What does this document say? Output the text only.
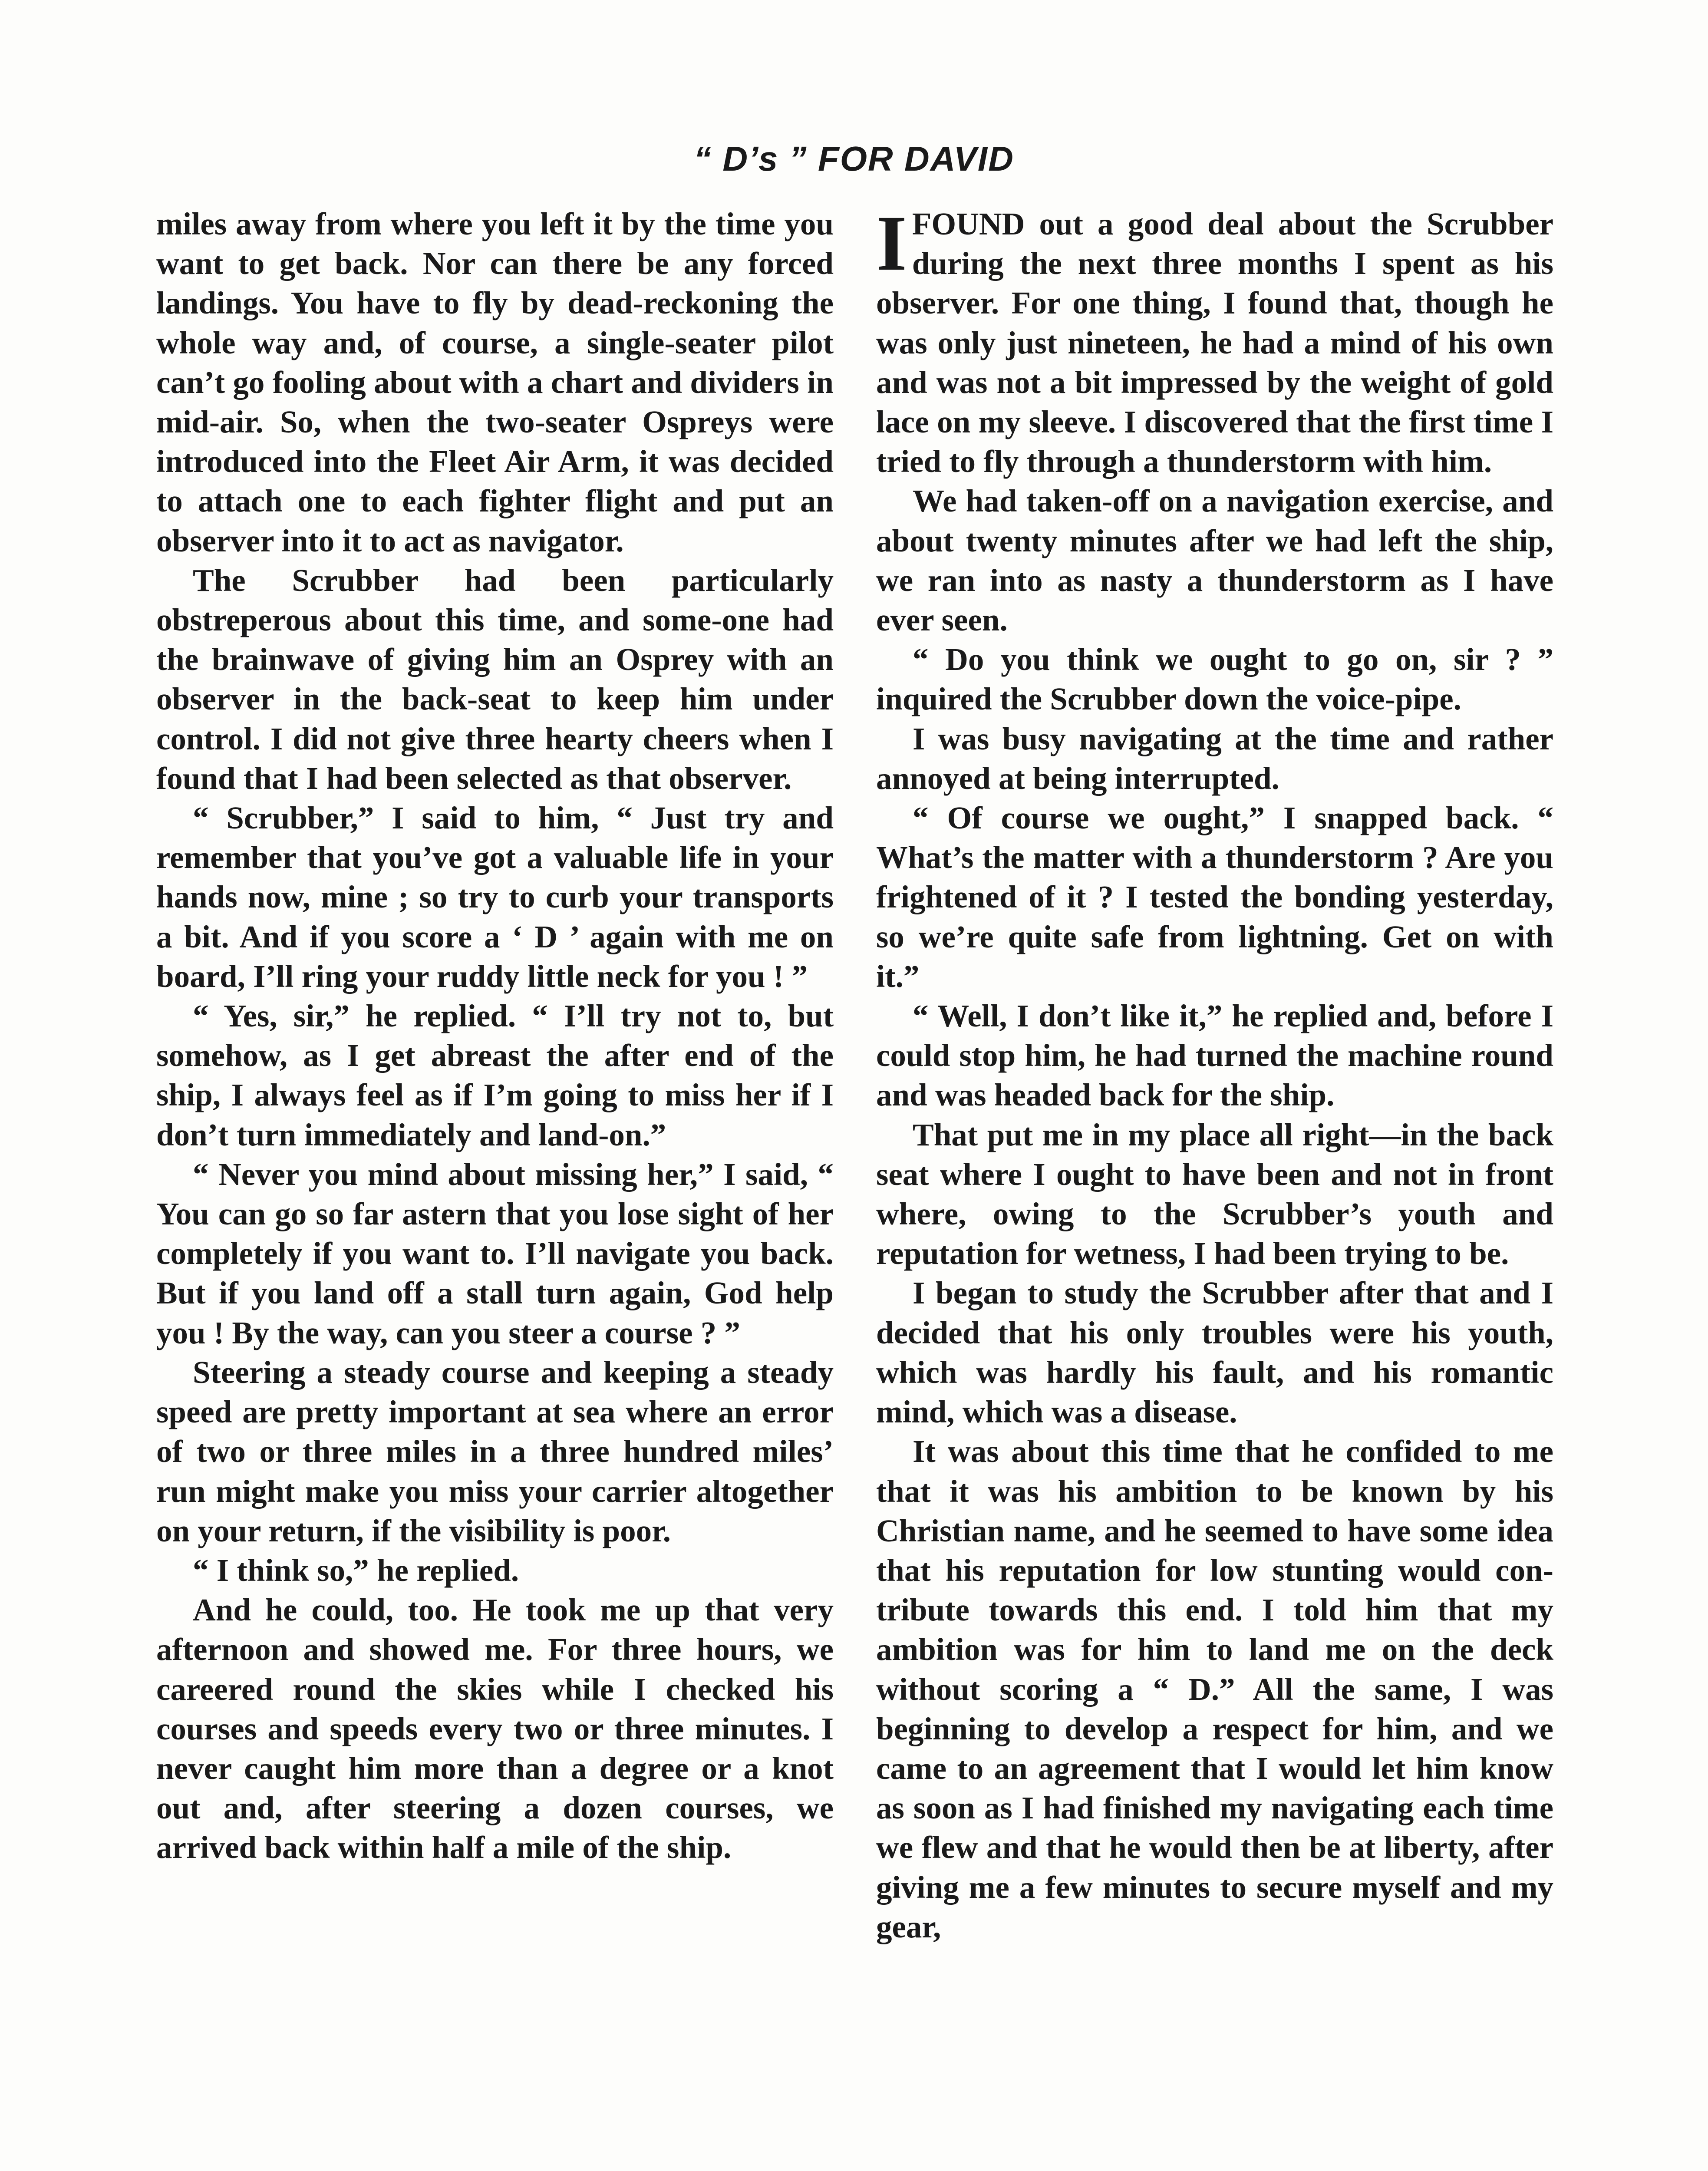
“ D’s ” FOR DAVID

miles away from where you left it by the time you want to get back. Nor can there be any forced landings. You have to fly by dead-reckoning the whole way and, of course, a single-seater pilot can’t go fooling about with a chart and dividers in mid-air. So, when the two-seater Ospreys were introduced into the Fleet Air Arm, it was decided to attach one to each fighter flight and put an observer into it to act as navigator.

The Scrubber had been particularly obstreperous about this time, and some-one had the brainwave of giving him an Osprey with an observer in the back-seat to keep him under control. I did not give three hearty cheers when I found that I had been selected as that observer.

“ Scrubber,” I said to him, “ Just try and remember that you’ve got a valuable life in your hands now, mine ; so try to curb your transports a bit. And if you score a ‘ D ’ again with me on board, I’ll ring your ruddy little neck for you ! ”

“ Yes, sir,” he replied. “ I’ll try not to, but somehow, as I get abreast the after end of the ship, I always feel as if I’m going to miss her if I don’t turn immediately and land-on.”

“ Never you mind about missing her,” I said, “ You can go so far astern that you lose sight of her completely if you want to. I’ll navigate you back. But if you land off a stall turn again, God help you ! By the way, can you steer a course ? ”

Steering a steady course and keeping a steady speed are pretty important at sea where an error of two or three miles in a three hundred miles’ run might make you miss your carrier altogether on your return, if the visibility is poor.

“ I think so,” he replied.

And he could, too. He took me up that very afternoon and showed me. For three hours, we careered round the skies while I checked his courses and speeds every two or three minutes. I never caught him more than a degree or a knot out and, after steering a dozen courses, we arrived back within half a mile of the ship.

IFOUND out a good deal about the Scrubber during the next three months I spent as his observer. For one thing, I found that, though he was only just nineteen, he had a mind of his own and was not a bit impressed by the weight of gold lace on my sleeve. I discovered that the first time I tried to fly through a thunderstorm with him.

We had taken-off on a navigation exercise, and about twenty minutes after we had left the ship, we ran into as nasty a thunderstorm as I have ever seen.

“ Do you think we ought to go on, sir ? ” inquired the Scrubber down the voice-pipe.

I was busy navigating at the time and rather annoyed at being interrupted.

“ Of course we ought,” I snapped back. “ What’s the matter with a thunderstorm ? Are you frightened of it ? I tested the bonding yesterday, so we’re quite safe from lightning. Get on with it.”

“ Well, I don’t like it,” he replied and, before I could stop him, he had turned the machine round and was headed back for the ship.

That put me in my place all right—in the back seat where I ought to have been and not in front where, owing to the Scrubber’s youth and reputation for wetness, I had been trying to be.

I began to study the Scrubber after that and I decided that his only troubles were his youth, which was hardly his fault, and his romantic mind, which was a disease.

It was about this time that he confided to me that it was his ambition to be known by his Christian name, and he seemed to have some idea that his reputation for low stunting would con-tribute towards this end. I told him that my ambition was for him to land me on the deck without scoring a “ D.” All the same, I was beginning to develop a respect for him, and we came to an agreement that I would let him know as soon as I had finished my navigating each time we flew and that he would then be at liberty, after giving me a few minutes to secure myself and my gear,
